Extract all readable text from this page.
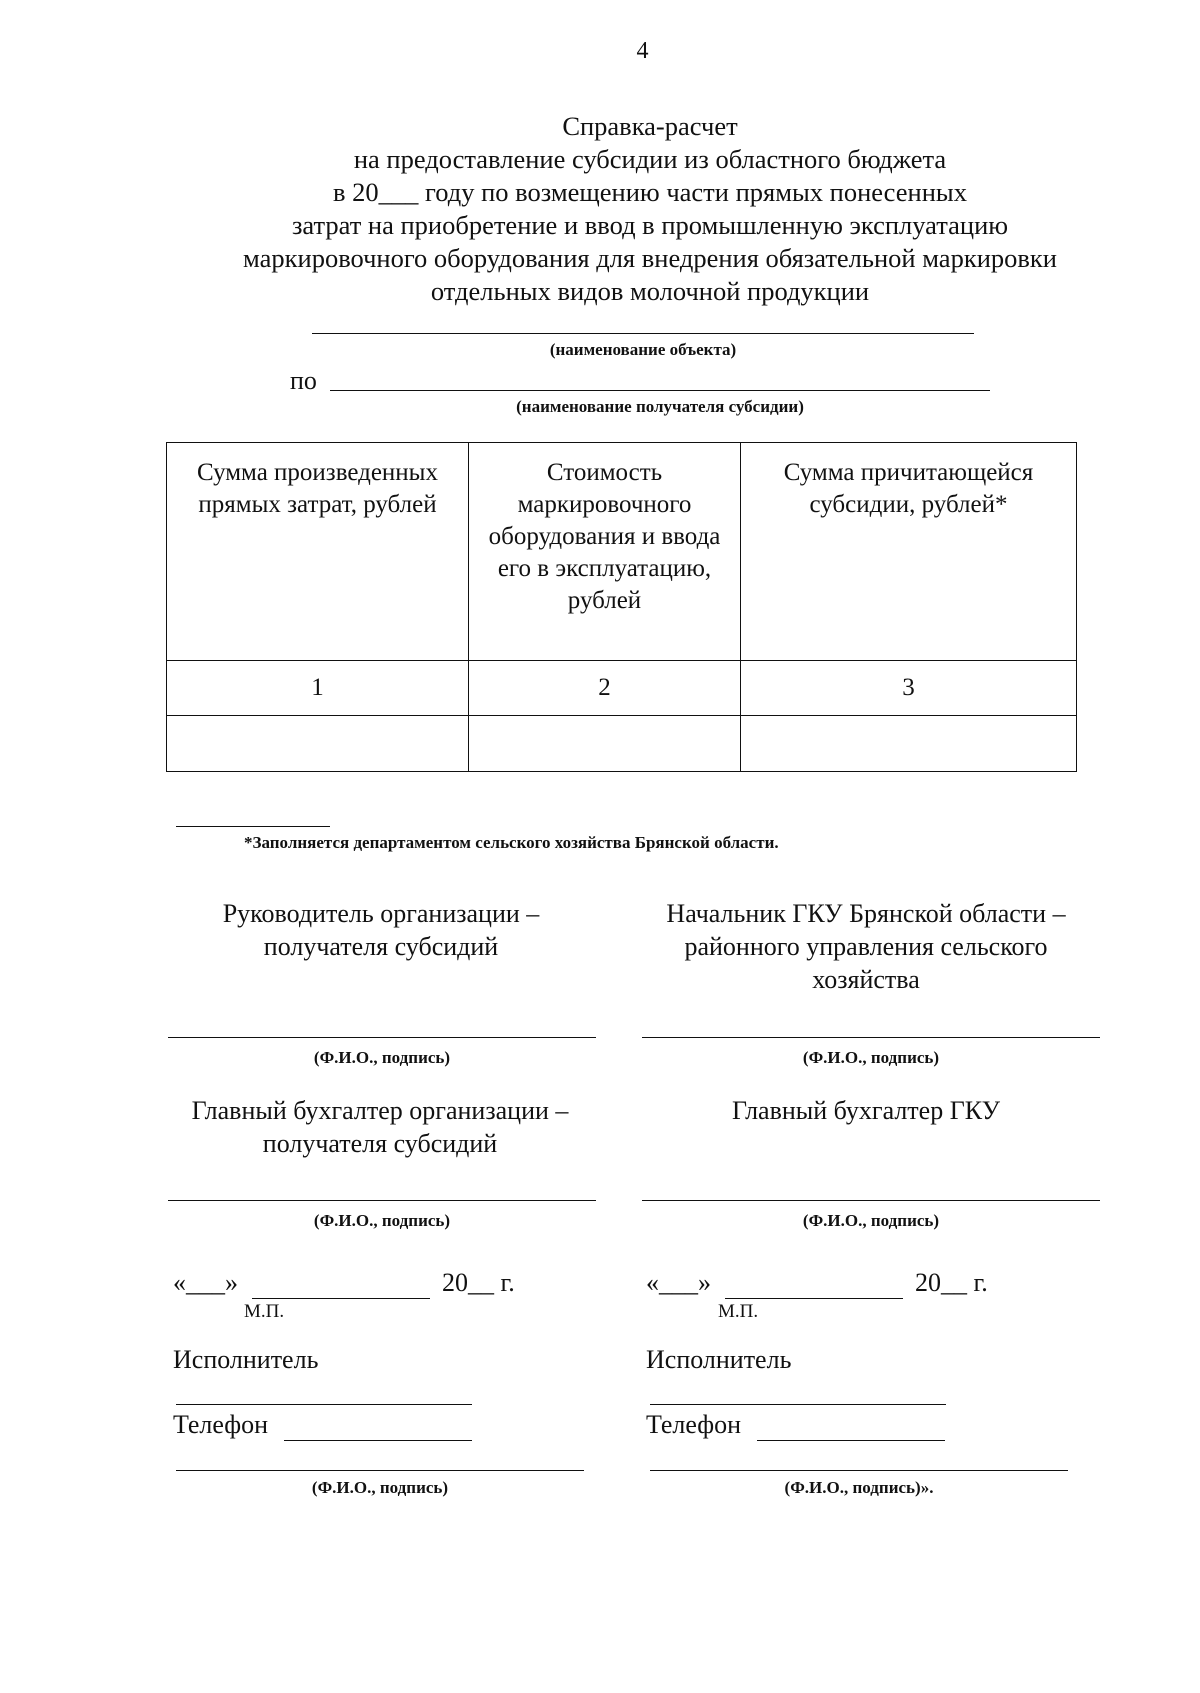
4
Справка-расчет
на предоставление субсидии из областного бюджета
в 20___ году по возмещению части прямых понесенных
затрат на приобретение и ввод в промышленную эксплуатацию
маркировочного оборудования для внедрения обязательной маркировки
отдельных видов молочной продукции
(наименование объекта)
по
(наименование получателя субсидии)
Сумма произведенных прямых затрат, рублей	Стоимость маркировочного оборудования и ввода его в эксплуатацию, рублей	Сумма причитающейся субсидии, рублей*
1	2	3

*Заполняется департаментом сельского хозяйства Брянской области.
Руководитель организации – получателя субсидий
(Ф.И.О., подпись)
Главный бухгалтер организации – получателя субсидий
(Ф.И.О., подпись)
«___»	20__ г.
М.П.
Исполнитель
Телефон
(Ф.И.О., подпись)
Начальник ГКУ Брянской области – районного управления сельского хозяйства
(Ф.И.О., подпись)
Главный бухгалтер ГКУ
(Ф.И.О., подпись)
«___»	20__ г.
М.П.
Исполнитель
Телефон
(Ф.И.О., подпись)».
